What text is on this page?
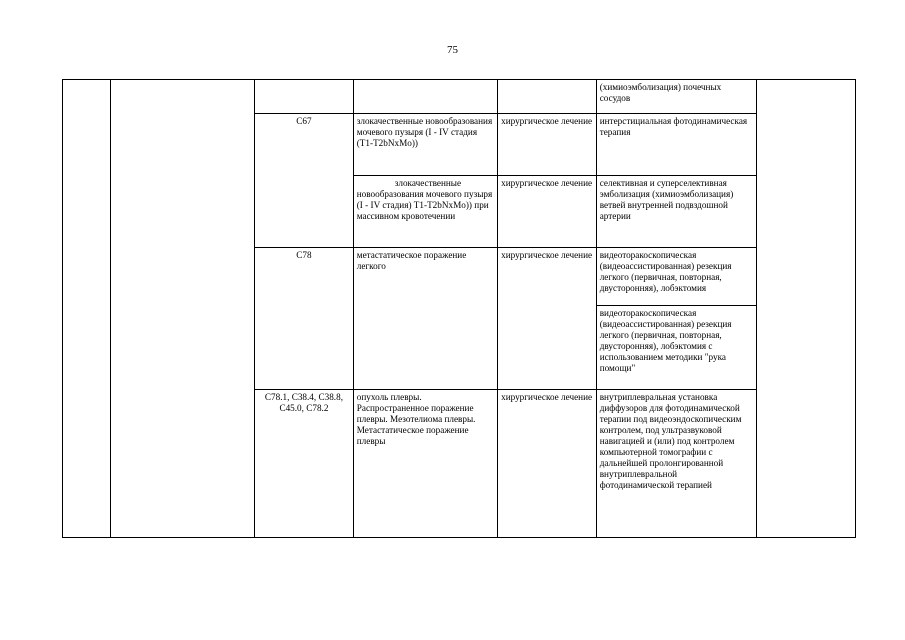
75
					(химиоэмболизация) почечных сосудов	
		C67	злокачественные новообразования мочевого пузыря (I - IV стадия (T1-T2bNxMo))	хирургическое лечение	интерстициальная фотодинамическая терапия	
			злокачественные новообразования мочевого пузыря (I - IV стадия) T1-T2bNxMo)) при массивном кровотечении	хирургическое лечение	селективная и суперселективная эмболизация (химиоэмболизация) ветвей внутренней подвздошной артерии	
		C78	метастатическое поражение легкого	хирургическое лечение	видеоторакоскопическая (видеоассистированная) резекция легкого (первичная, повторная, двусторонняя), лобэктомия	
					видеоторакоскопическая (видеоассистированная) резекция легкого (первичная, повторная, двусторонняя), лобэктомия с использованием методики "рука помощи"	
		C78.1, C38.4, C38.8, C45.0, C78.2	опухоль плевры. Распространенное поражение плевры. Мезотелиома плевры. Метастатическое поражение плевры	хирургическое лечение	внутриплевральная установка диффузоров для фотодинамической терапии под видеоэндоскопическим контролем, под ультразвуковой навигацией и (или) под контролем компьютерной томографии с дальнейшей пролонгированной внутриплевральной фотодинамической терапией	
